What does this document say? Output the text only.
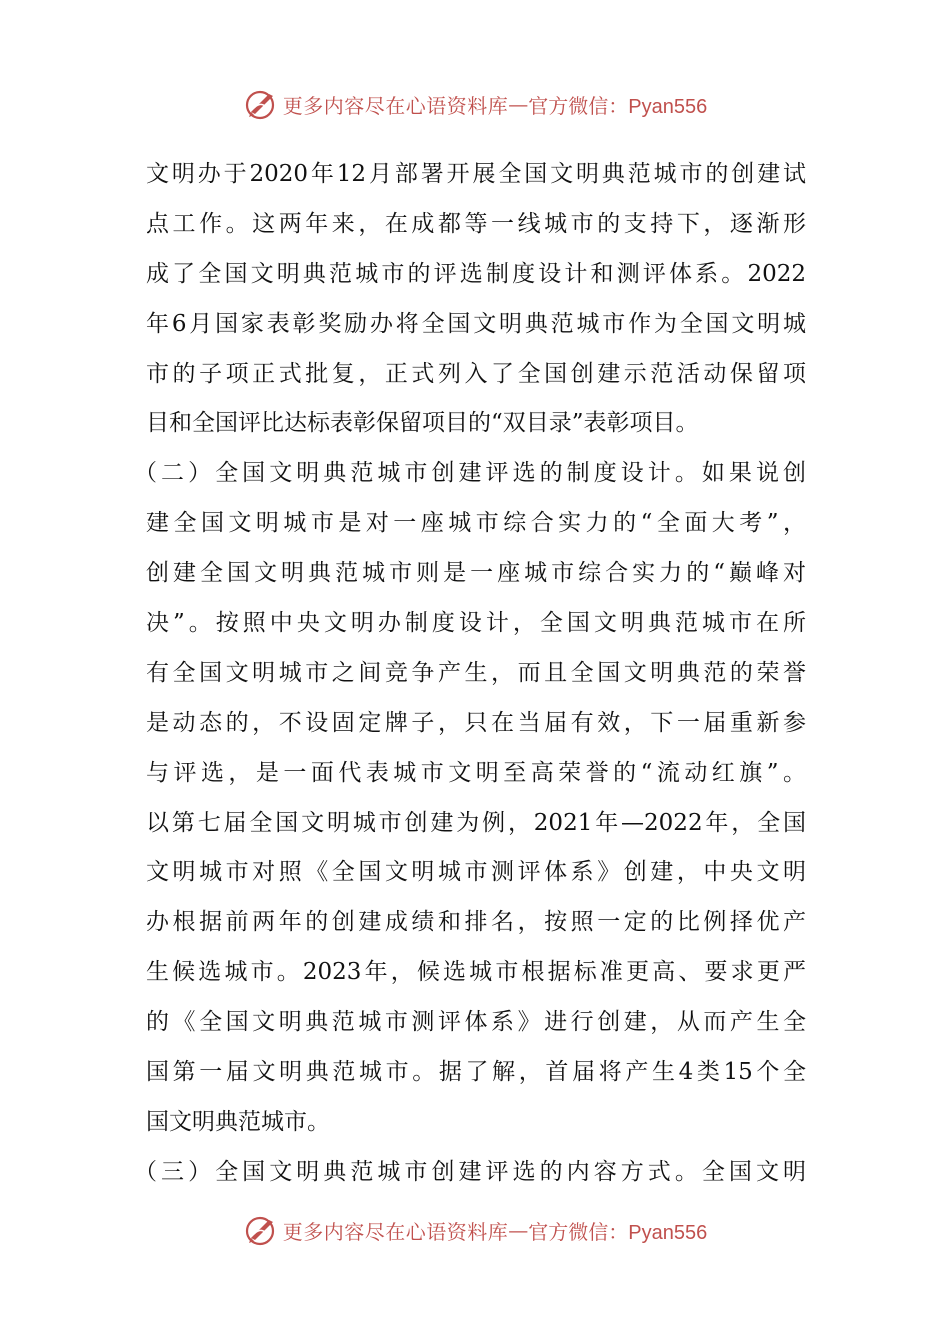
更多内容尽在心语资料库 — 官方微信：Pyan556
文明办于2020年12月部署开展全国文明典范城市的创建试
点工作。这两年来，在成都等一线城市的支持下，逐渐形
成了全国文明典范城市的评选制度设计和测评体系。2022
年6月国家表彰奖励办将全国文明典范城市作为全国文明城
市的子项正式批复，正式列入了全国创建示范活动保留项
目和全国评比达标表彰保留项目的“双目录”表彰项目。
（二）全国文明典范城市创建评选的制度设计。如果说创
建全国文明城市是对一座城市综合实力的“全面大考”，
创建全国文明典范城市则是一座城市综合实力的“巅峰对
决”。按照中央文明办制度设计，全国文明典范城市在所
有全国文明城市之间竞争产生，而且全国文明典范的荣誉
是动态的，不设固定牌子，只在当届有效，下一届重新参
与评选，是一面代表城市文明至高荣誉的“流动红旗”。
以第七届全国文明城市创建为例，2021年—2022年，全国
文明城市对照《全国文明城市测评体系》创建，中央文明
办根据前两年的创建成绩和排名，按照一定的比例择优产
生候选城市。2023年，候选城市根据标准更高、要求更严
的《全国文明典范城市测评体系》进行创建，从而产生全
国第一届文明典范城市。据了解，首届将产生4类15个全
国文明典范城市。
（三）全国文明典范城市创建评选的内容方式。全国文明
更多内容尽在心语资料库 — 官方微信：Pyan556
